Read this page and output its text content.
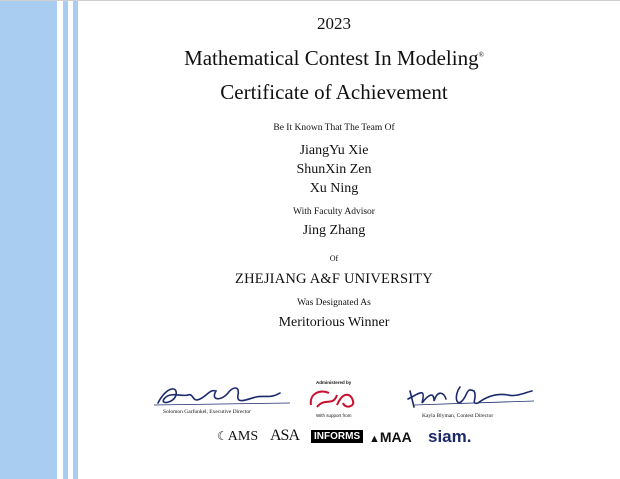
2023
Mathematical Contest In Modeling®
Certificate of Achievement
Be It Known That The Team Of
JiangYu Xie
ShunXin Zen
Xu Ning
With Faculty Advisor
Jing Zhang
Of
ZHEJIANG A&F UNIVERSITY
Was Designated As
Meritorious Winner
Solomon Garfunkel, Executive Director
Administered by
With support from	Kayla Blyman, Contest Director
☾AMS ASA	INFORMS ▲MAA siam.
